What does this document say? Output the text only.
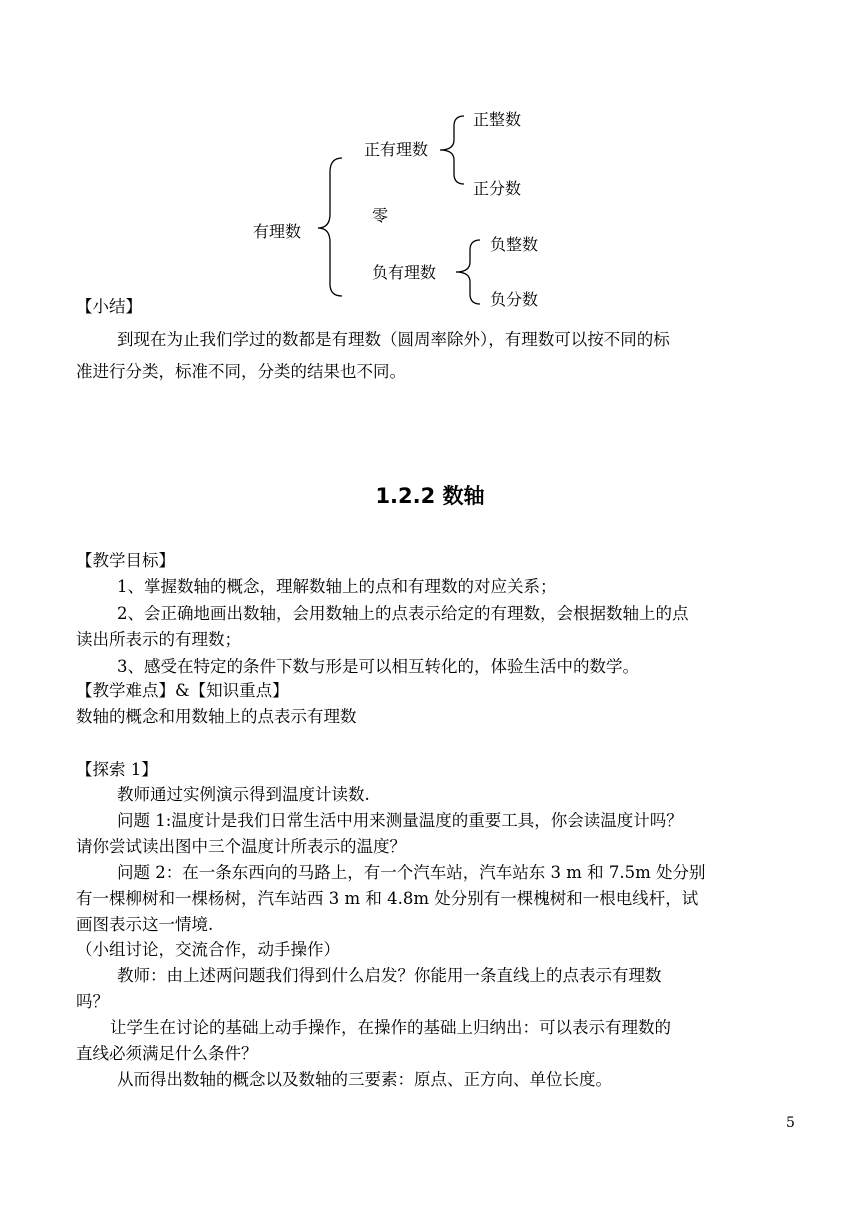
正整数
正有理数
正分数
零
有理数
负整数
负有理数
负分数
【小结】
到现在为止我们学过的数都是有理数（圆周率除外），有理数可以按不同的标
准进行分类，标准不同，分类的结果也不同。
1.2.2 数轴
【教学目标】
1、掌握数轴的概念，理解数轴上的点和有理数的对应关系；
2、会正确地画出数轴，会用数轴上的点表示给定的有理数，会根据数轴上的点
读出所表示的有理数；
3、感受在特定的条件下数与形是可以相互转化的，体验生活中的数学。
【教学难点】&【知识重点】
数轴的概念和用数轴上的点表示有理数
【探索 1】
教师通过实例演示得到温度计读数.
问题 1:温度计是我们日常生活中用来测量温度的重要工具，你会读温度计吗？
请你尝试读出图中三个温度计所表示的温度？
问题 2：在一条东西向的马路上，有一个汽车站，汽车站东 3 m 和 7.5m 处分别
有一棵柳树和一棵杨树，汽车站西 3 m 和 4.8m 处分别有一棵槐树和一根电线杆，试
画图表示这一情境.
（小组讨论，交流合作，动手操作）
教师：由上述两问题我们得到什么启发？你能用一条直线上的点表示有理数
吗？
让学生在讨论的基础上动手操作，在操作的基础上归纳出：可以表示有理数的
直线必须满足什么条件？
从而得出数轴的概念以及数轴的三要素：原点、正方向、单位长度。
5
